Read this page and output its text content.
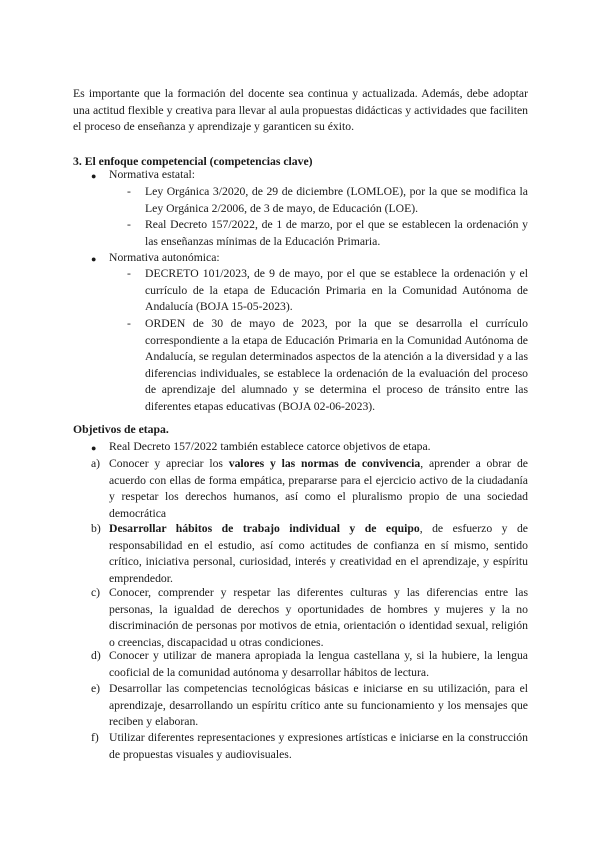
Es importante que la formación del docente sea continua y actualizada. Además, debe adoptar una actitud flexible y creativa para llevar al aula propuestas didácticas y actividades que faciliten el proceso de enseñanza y aprendizaje y garanticen su éxito.

3. El enfoque competencial (competencias clave)

●	Normativa estatal:

-	Ley Orgánica 3/2020, de 29 de diciembre (LOMLOE), por la que se modifica la Ley Orgánica 2/2006, de 3 de mayo, de Educación (LOE).

-	Real Decreto 157/2022, de 1 de marzo, por el que se establecen la ordenación y las enseñanzas mínimas de la Educación Primaria.

●	Normativa autonómica:

-	DECRETO 101/2023, de 9 de mayo, por el que se establece la ordenación y el currículo de la etapa de Educación Primaria en la Comunidad Autónoma de Andalucía (BOJA 15-05-2023).

-	ORDEN de 30 de mayo de 2023, por la que se desarrolla el currículo correspondiente a la etapa de Educación Primaria en la Comunidad Autónoma de Andalucía, se regulan determinados aspectos de la atención a la diversidad y a las diferencias individuales, se establece la ordenación de la evaluación del proceso de aprendizaje del alumnado y se determina el proceso de tránsito entre las diferentes etapas educativas (BOJA 02-06-2023).

Objetivos de etapa.

●	Real Decreto 157/2022 también establece catorce objetivos de etapa.

a) Conocer y apreciar los valores y las normas de convivencia, aprender a obrar de acuerdo con ellas de forma empática, prepararse para el ejercicio activo de la ciudadanía y respetar los derechos humanos, así como el pluralismo propio de una sociedad democrática

b) Desarrollar hábitos de trabajo individual y de equipo, de esfuerzo y de responsabilidad en el estudio, así como actitudes de confianza en sí mismo, sentido crítico, iniciativa personal, curiosidad, interés y creatividad en el aprendizaje, y espíritu emprendedor.

c) Conocer, comprender y respetar las diferentes culturas y las diferencias entre las personas, la igualdad de derechos y oportunidades de hombres y mujeres y la no discriminación de personas por motivos de etnia, orientación o identidad sexual, religión o creencias, discapacidad u otras condiciones.

d) Conocer y utilizar de manera apropiada la lengua castellana y, si la hubiere, la lengua cooficial de la comunidad autónoma y desarrollar hábitos de lectura.

e) Desarrollar las competencias tecnológicas básicas e iniciarse en su utilización, para el aprendizaje, desarrollando un espíritu crítico ante su funcionamiento y los mensajes que reciben y elaboran.

f) Utilizar diferentes representaciones y expresiones artísticas e iniciarse en la construcción de propuestas visuales y audiovisuales.
